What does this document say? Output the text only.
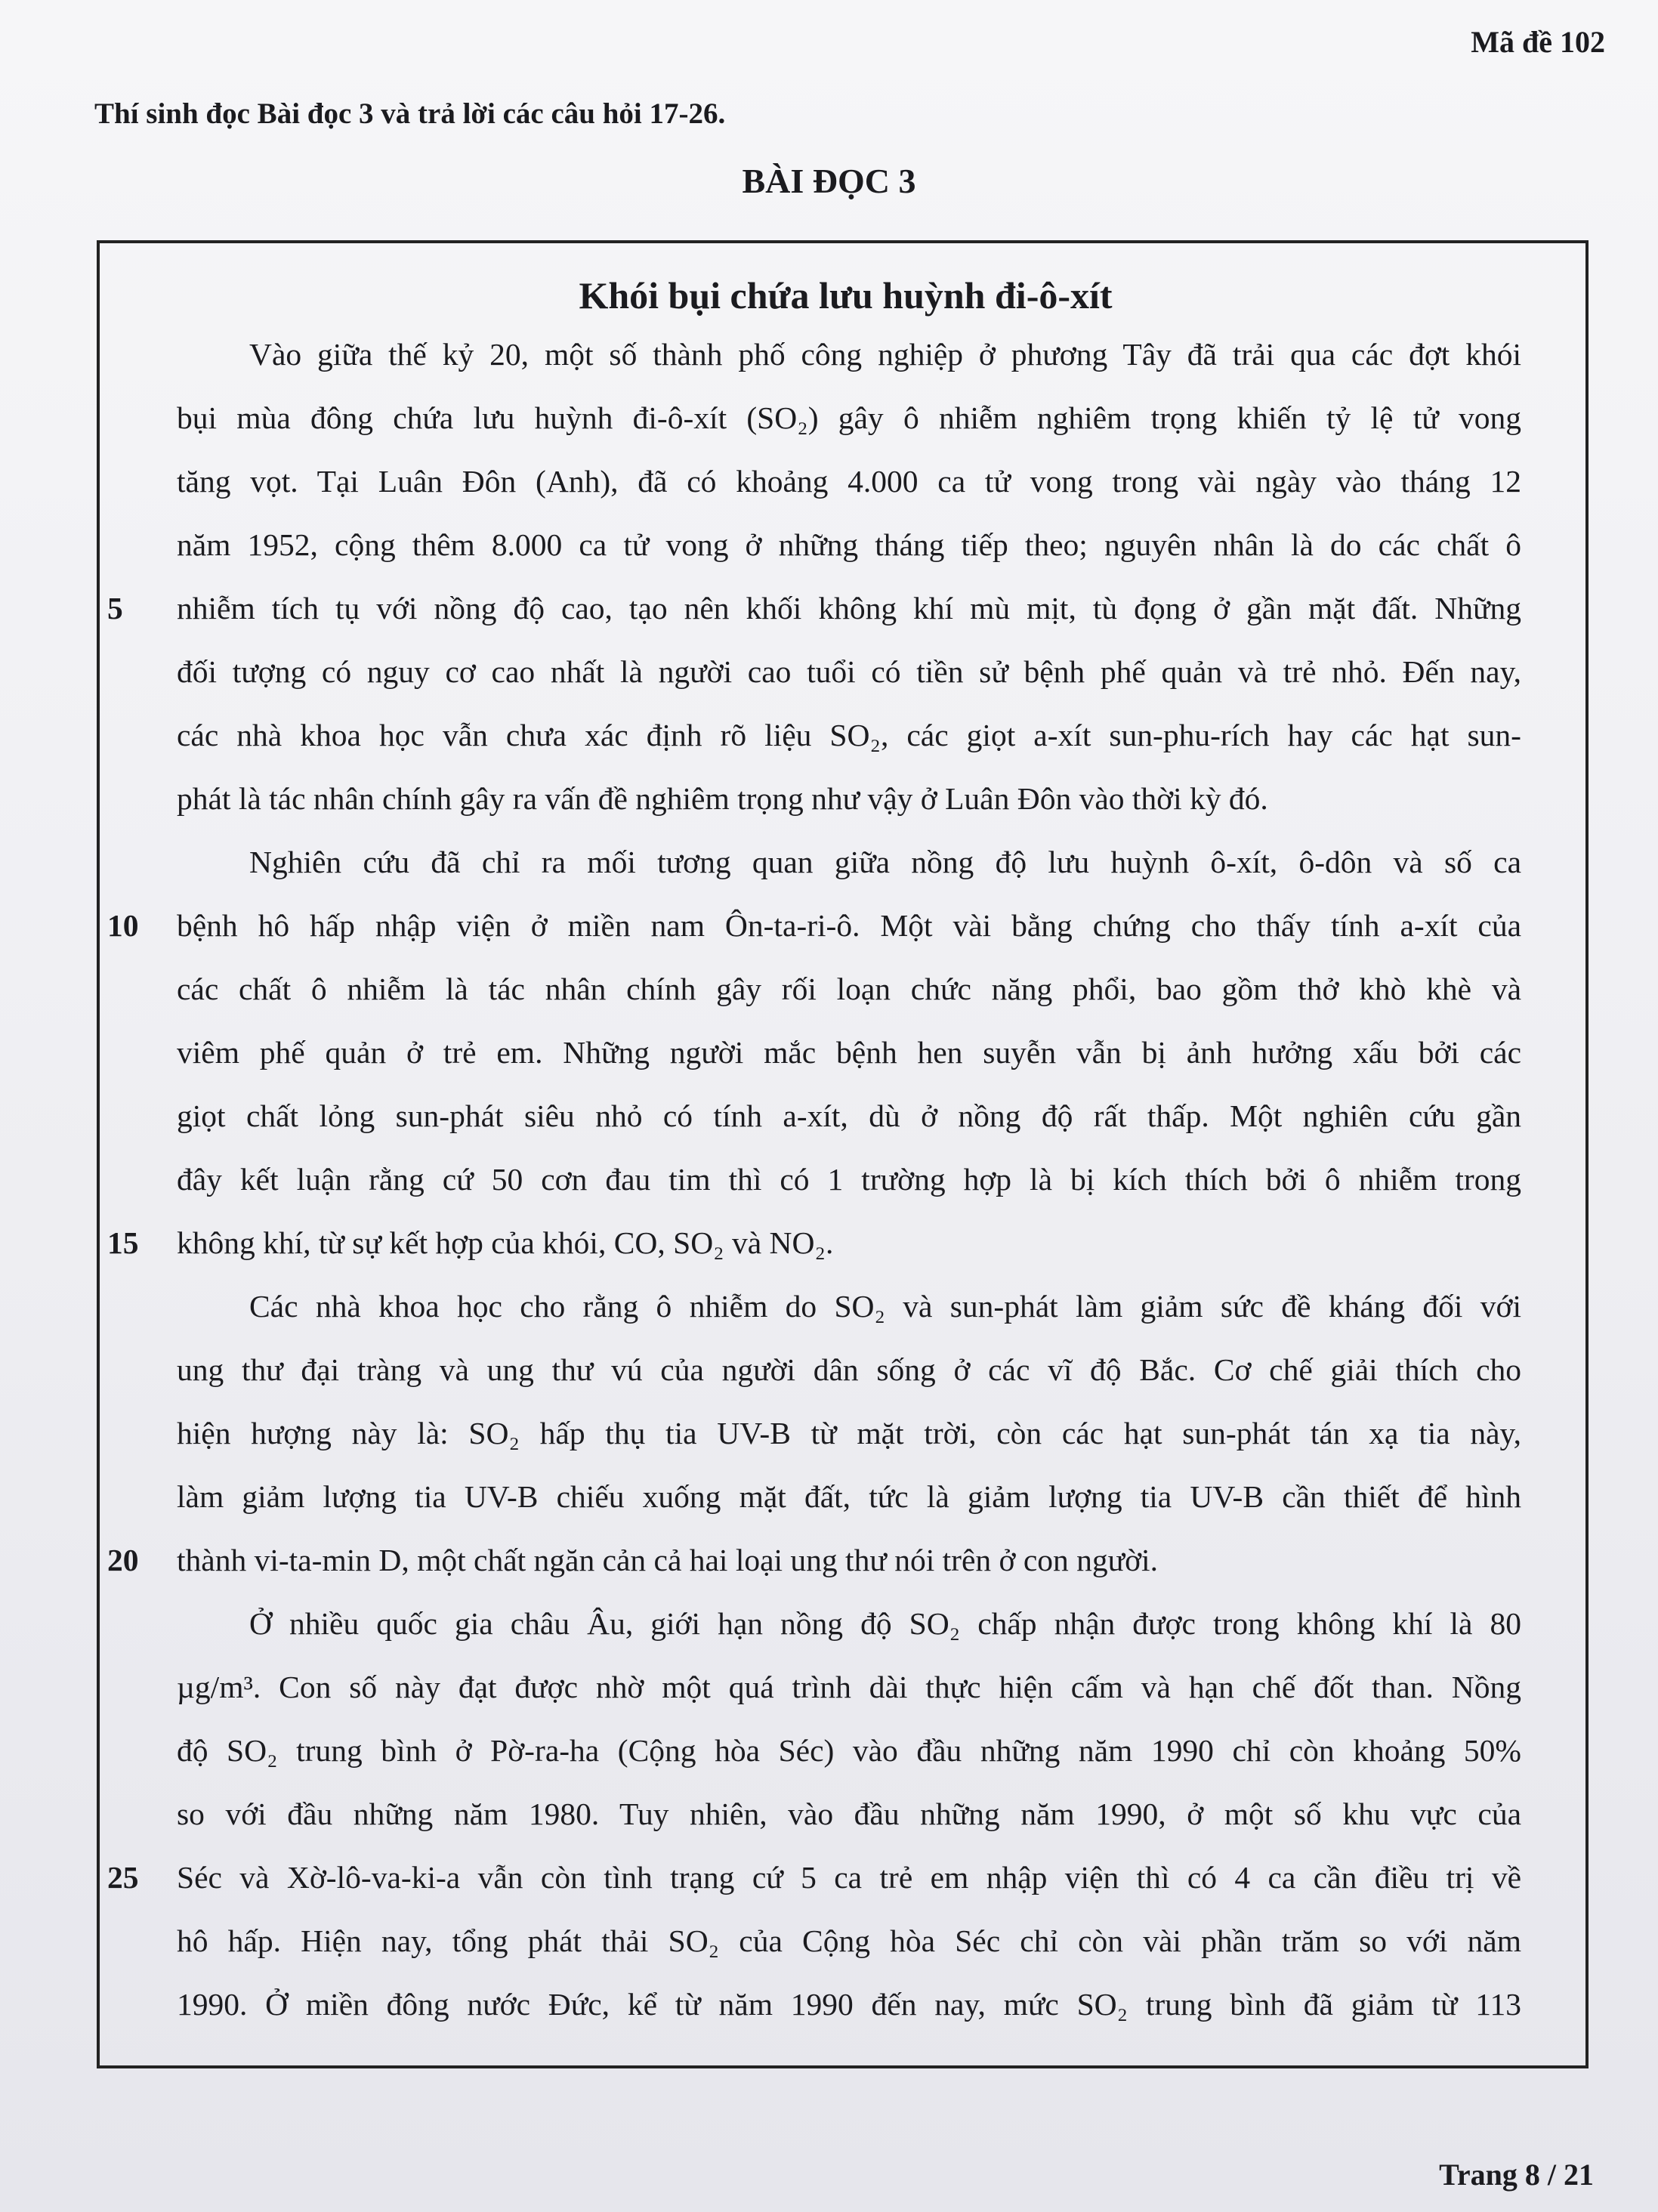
Mã đề 102
Thí sinh đọc Bài đọc 3 và trả lời các câu hỏi 17-26.
BÀI ĐỌC 3
Khói bụi chứa lưu huỳnh đi-ô-xít
Vào giữa thế kỷ 20, một số thành phố công nghiệp ở phương Tây đã trải qua các đợt khói
bụi mùa đông chứa lưu huỳnh đi-ô-xít (SO₂) gây ô nhiễm nghiêm trọng khiến tỷ lệ tử vong
tăng vọt. Tại Luân Đôn (Anh), đã có khoảng 4.000 ca tử vong trong vài ngày vào tháng 12
năm 1952, cộng thêm 8.000 ca tử vong ở những tháng tiếp theo; nguyên nhân là do các chất ô
5	nhiễm tích tụ với nồng độ cao, tạo nên khối không khí mù mịt, tù đọng ở gần mặt đất. Những
đối tượng có nguy cơ cao nhất là người cao tuổi có tiền sử bệnh phế quản và trẻ nhỏ. Đến nay,
các nhà khoa học vẫn chưa xác định rõ liệu SO₂, các giọt a-xít sun-phu-rích hay các hạt sun-
phát là tác nhân chính gây ra vấn đề nghiêm trọng như vậy ở Luân Đôn vào thời kỳ đó.
Nghiên cứu đã chỉ ra mối tương quan giữa nồng độ lưu huỳnh ô-xít, ô-dôn và số ca
10	bệnh hô hấp nhập viện ở miền nam Ôn-ta-ri-ô. Một vài bằng chứng cho thấy tính a-xít của
các chất ô nhiễm là tác nhân chính gây rối loạn chức năng phổi, bao gồm thở khò khè và
viêm phế quản ở trẻ em. Những người mắc bệnh hen suyễn vẫn bị ảnh hưởng xấu bởi các
giọt chất lỏng sun-phát siêu nhỏ có tính a-xít, dù ở nồng độ rất thấp. Một nghiên cứu gần
đây kết luận rằng cứ 50 cơn đau tim thì có 1 trường hợp là bị kích thích bởi ô nhiễm trong
15	không khí, từ sự kết hợp của khói, CO, SO₂ và NO₂.
Các nhà khoa học cho rằng ô nhiễm do SO₂ và sun-phát làm giảm sức đề kháng đối với
ung thư đại tràng và ung thư vú của người dân sống ở các vĩ độ Bắc. Cơ chế giải thích cho
hiện hượng này là: SO₂ hấp thụ tia UV-B từ mặt trời, còn các hạt sun-phát tán xạ tia này,
làm giảm lượng tia UV-B chiếu xuống mặt đất, tức là giảm lượng tia UV-B cần thiết để hình
20	thành vi-ta-min D, một chất ngăn cản cả hai loại ung thư nói trên ở con người.
Ở nhiều quốc gia châu Âu, giới hạn nồng độ SO₂ chấp nhận được trong không khí là 80
µg/m³. Con số này đạt được nhờ một quá trình dài thực hiện cấm và hạn chế đốt than. Nồng
độ SO₂ trung bình ở Pờ-ra-ha (Cộng hòa Séc) vào đầu những năm 1990 chỉ còn khoảng 50%
so với đầu những năm 1980. Tuy nhiên, vào đầu những năm 1990, ở một số khu vực của
25	Séc và Xờ-lô-va-ki-a vẫn còn tình trạng cứ 5 ca trẻ em nhập viện thì có 4 ca cần điều trị về
hô hấp. Hiện nay, tổng phát thải SO₂ của Cộng hòa Séc chỉ còn vài phần trăm so với năm
1990. Ở miền đông nước Đức, kể từ năm 1990 đến nay, mức SO₂ trung bình đã giảm từ 113
Trang 8 / 21
